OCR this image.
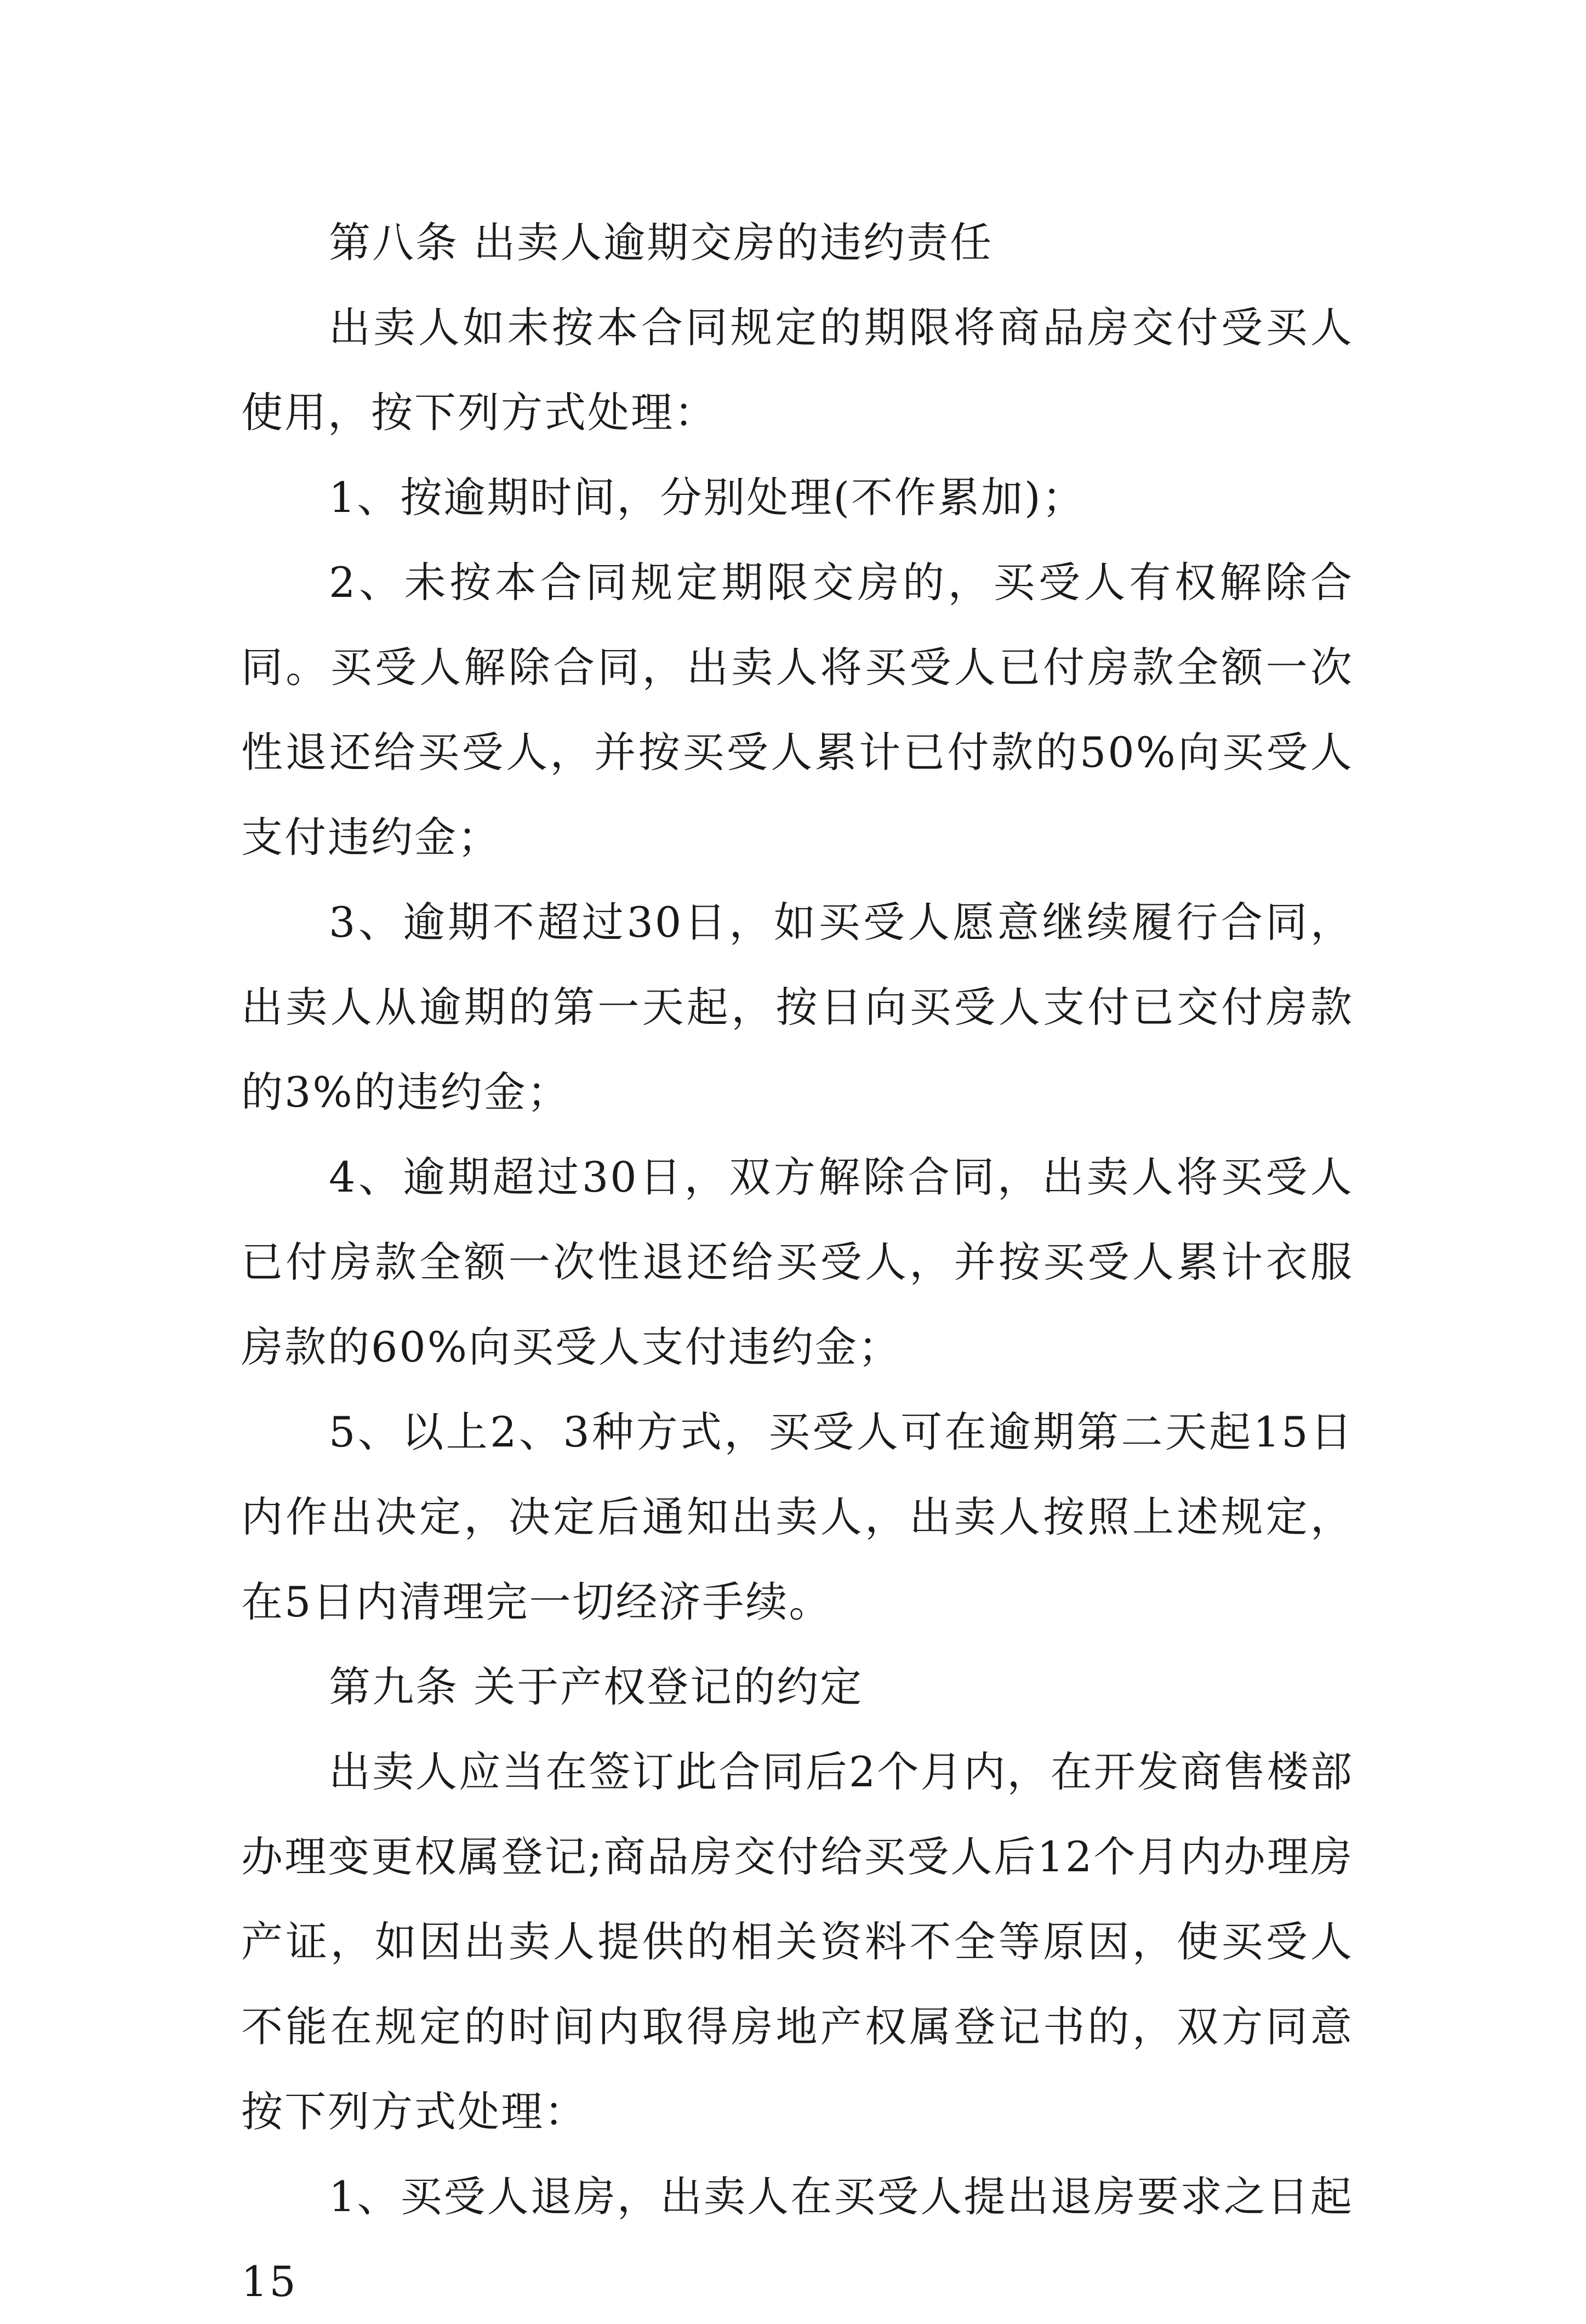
第八条 出卖人逾期交房的违约责任

出卖人如未按本合同规定的期限将商品房交付受买人使用，按下列方式处理：

1、按逾期时间，分别处理(不作累加)；

2、未按本合同规定期限交房的，买受人有权解除合同。买受人解除合同，出卖人将买受人已付房款全额一次性退还给买受人，并按买受人累计已付款的50%向买受人支付违约金；

3、逾期不超过30日，如买受人愿意继续履行合同，出卖人从逾期的第一天起，按日向买受人支付已交付房款的3%的违约金；

4、逾期超过30日，双方解除合同，出卖人将买受人已付房款全额一次性退还给买受人，并按买受人累计衣服房款的60%向买受人支付违约金；

5、以上2、3种方式，买受人可在逾期第二天起15日内作出决定，决定后通知出卖人，出卖人按照上述规定，在5日内清理完一切经济手续。

第九条 关于产权登记的约定

出卖人应当在签订此合同后2个月内，在开发商售楼部办理变更权属登记;商品房交付给买受人后12个月内办理房产证，如因出卖人提供的相关资料不全等原因，使买受人不能在规定的时间内取得房地产权属登记书的，双方同意按下列方式处理：

1、买受人退房，出卖人在买受人提出退房要求之日起15
